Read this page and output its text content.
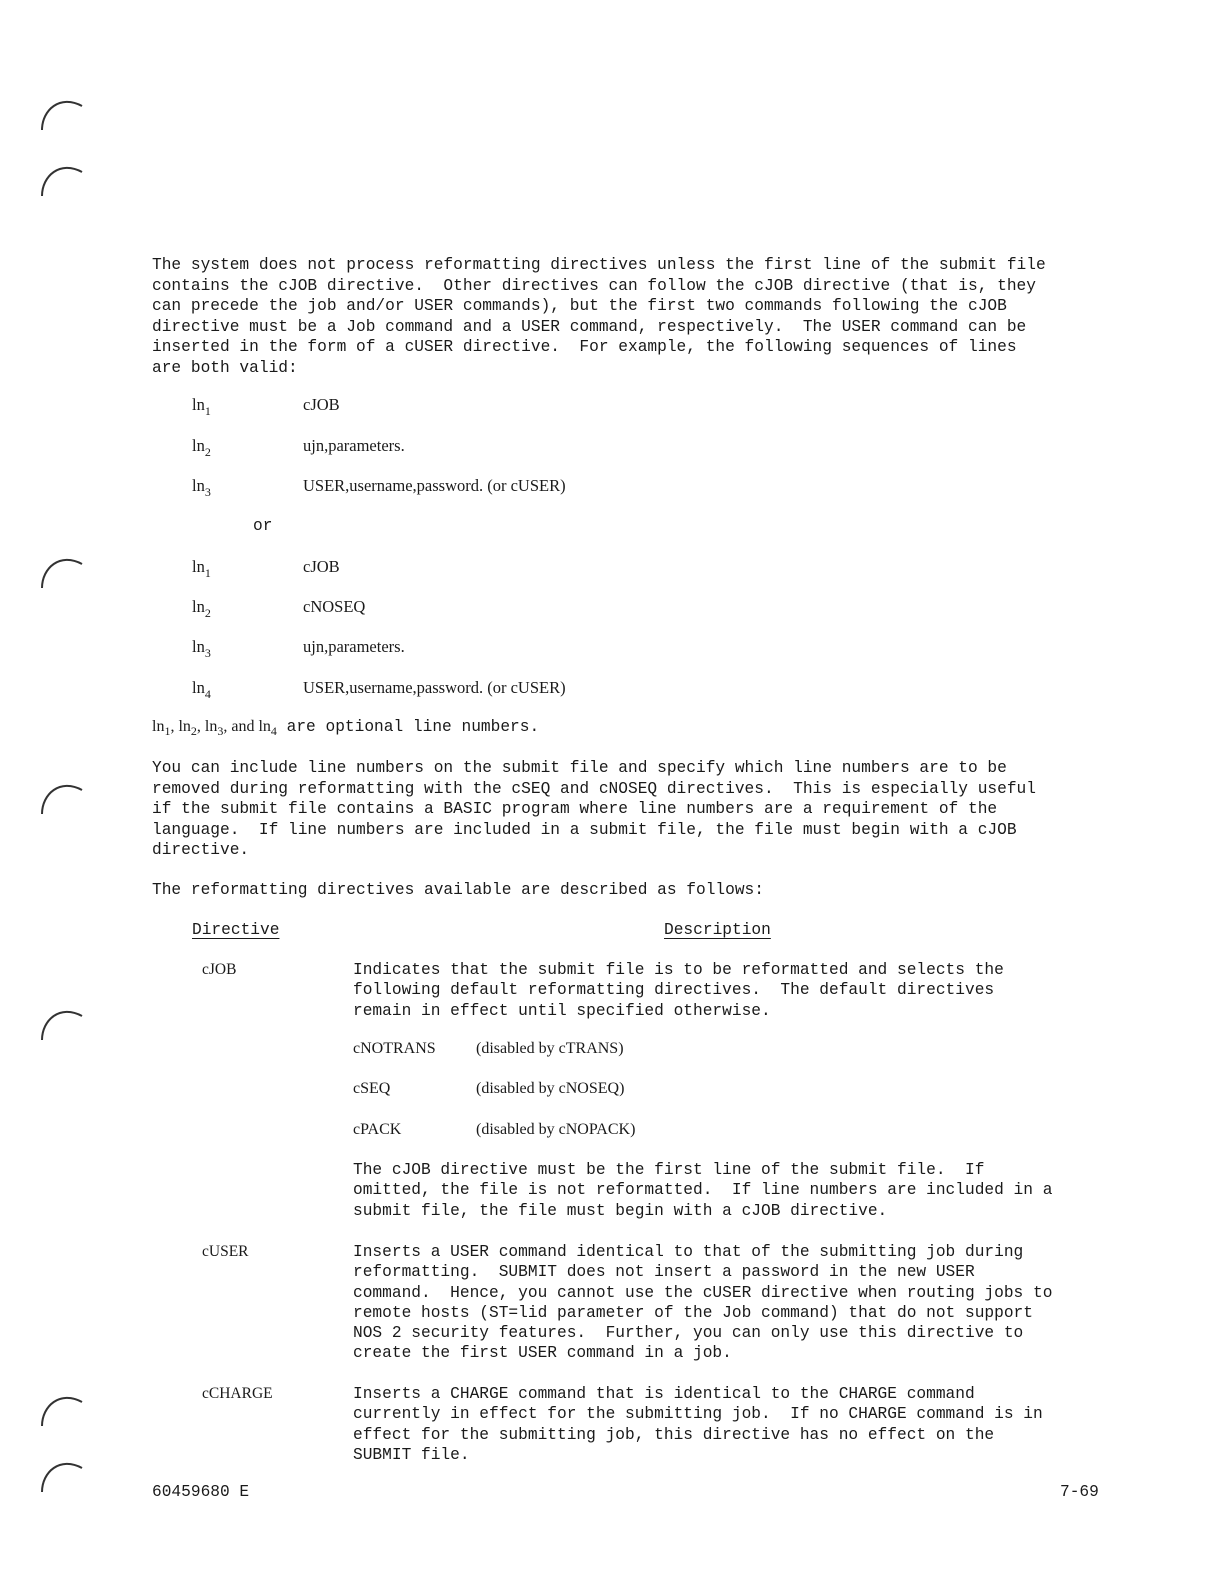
The system does not process reformatting directives unless the first line of the submit file
contains the cJOB directive.  Other directives can follow the cJOB directive (that is, they
can precede the job and/or USER commands), but the first two commands following the cJOB
directive must be a Job command and a USER command, respectively.  The USER command can be
inserted in the form of a cUSER directive.  For example, the following sequences of lines
are both valid:
$\ln_1$	cJOB
$\ln_2$	ujn,parameters.
$\ln_3$	USER,username,password. (or cUSER)
or
$\ln_1$	cJOB
$\ln_2$	cNOSEQ
$\ln_3$	ujn,parameters.
$\ln_4$	USER,username,password. (or cUSER)
$\ln_1$, $\ln_2$, $\ln_3$, and $\ln_4$ are optional line numbers.
You can include line numbers on the submit file and specify which line numbers are to be
removed during reformatting with the cSEQ and cNOSEQ directives.  This is especially useful
if the submit file contains a BASIC program where line numbers are a requirement of the
language.  If line numbers are included in a submit file, the file must begin with a cJOB
directive.
The reformatting directives available are described as follows:
Directive	Description
cJOB	Indicates that the submit file is to be reformatted and selects the
following default reformatting directives.  The default directives
remain in effect until specified otherwise.
cNOTRANS	(disabled by cTRANS)
cSEQ	(disabled by cNOSEQ)
cPACK	(disabled by cNOPACK)
The cJOB directive must be the first line of the submit file.  If
omitted, the file is not reformatted.  If line numbers are included in a
submit file, the file must begin with a cJOB directive.
cUSER	Inserts a USER command identical to that of the submitting job during
reformatting.  SUBMIT does not insert a password in the new USER
command.  Hence, you cannot use the cUSER directive when routing jobs to
remote hosts (ST=lid parameter of the Job command) that do not support
NOS 2 security features.  Further, you can only use this directive to
create the first USER command in a job.
cCHARGE	Inserts a CHARGE command that is identical to the CHARGE command
currently in effect for the submitting job.  If no CHARGE command is in
effect for the submitting job, this directive has no effect on the
SUBMIT file.
60459680 E	7-69
